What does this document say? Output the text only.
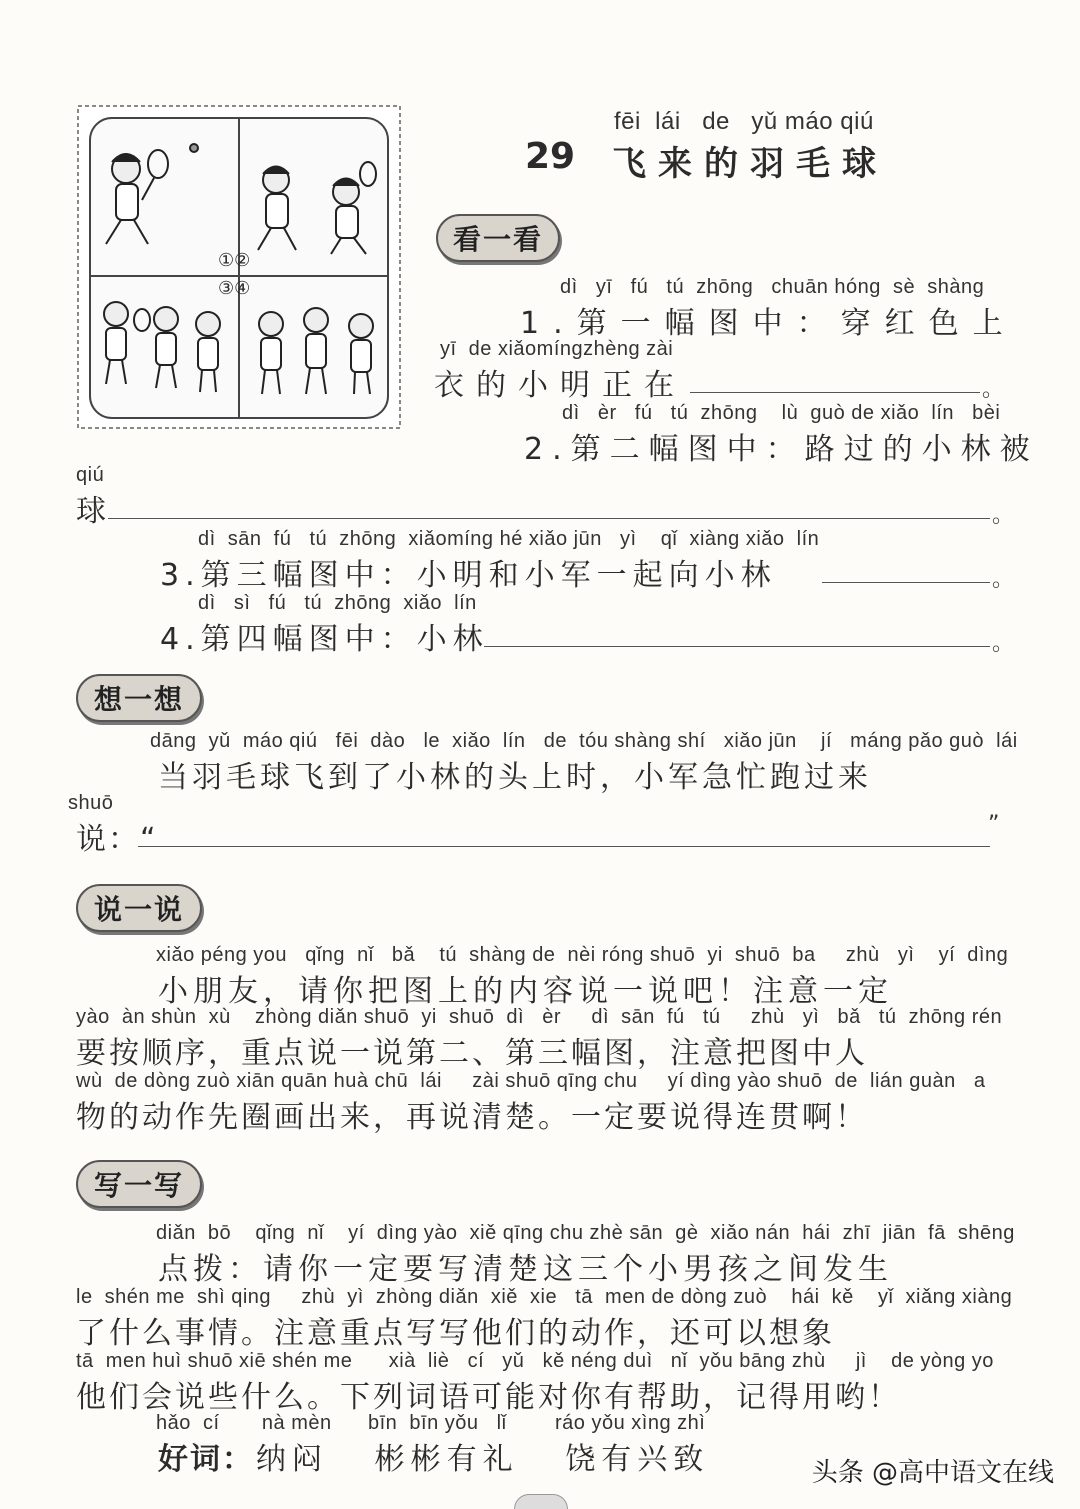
①②
③④
fēi  lái   de   yǔ máo qiú
29 飞来的羽毛球
看一看
dì   yī   fú   tú  zhōng   chuān hóng  sè  shàng
1.第一幅图中：穿红色上
yī  de xiǎomíngzhèng zài
衣的小明正在	。
dì   èr   fú   tú  zhōng    lù  guò de xiǎo  lín   bèi
2.第二幅图中：路过的小林被
qiú
球	。
dì  sān  fú   tú  zhōng  xiǎomíng hé xiǎo jūn   yì    qǐ  xiàng xiǎo  lín
3.第三幅图中：小明和小军一起向小林	。
dì   sì   fú   tú  zhōng  xiǎo  lín
4.第四幅图中：小林	。
想一想
dāng  yǔ  máo qiú   fēi  dào   le  xiǎo  lín   de  tóu shàng shí   xiǎo jūn    jí   máng pǎo guò  lái
当羽毛球飞到了小林的头上时，小军急忙跑过来
shuō
说：“	”
说一说
xiǎo péng you   qǐng  nǐ   bǎ    tú  shàng de  nèi róng shuō  yi  shuō  ba     zhù   yì    yí  dìng
小朋友，请你把图上的内容说一说吧！注意一定
yào  àn shùn  xù    zhòng diǎn shuō  yi  shuō  dì   èr     dì  sān  fú   tú     zhù   yì   bǎ   tú  zhōng rén
要按顺序，重点说一说第二、第三幅图，注意把图中人
wù  de dòng zuò xiān quān huà chū  lái     zài shuō qīng chu     yí dìng yào shuō  de  lián guàn   a
物的动作先圈画出来，再说清楚。一定要说得连贯啊！
写一写
diǎn  bō    qǐng  nǐ    yí  dìng yào  xiě qīng chu zhè sān  gè  xiǎo nán  hái  zhī  jiān  fā  shēng
点拨：请你一定要写清楚这三个小男孩之间发生
le  shén me  shì qing     zhù  yì  zhòng diǎn  xiě  xie   tā  men de dòng zuò    hái  kě    yǐ  xiǎng xiàng
了什么事情。注意重点写写他们的动作，还可以想象
tā  men huì shuō xiē shén me      xià  liè   cí   yǔ   kě néng duì   nǐ  yǒu bāng zhù     jì    de yòng yo
他们会说些什么。下列词语可能对你有帮助，记得用哟！
hǎo  cí       nà mèn      bīn  bīn yǒu   lǐ        ráo yǒu xìng zhì
好词： 纳闷   彬彬有礼   饶有兴致	头条 @高中语文在线
